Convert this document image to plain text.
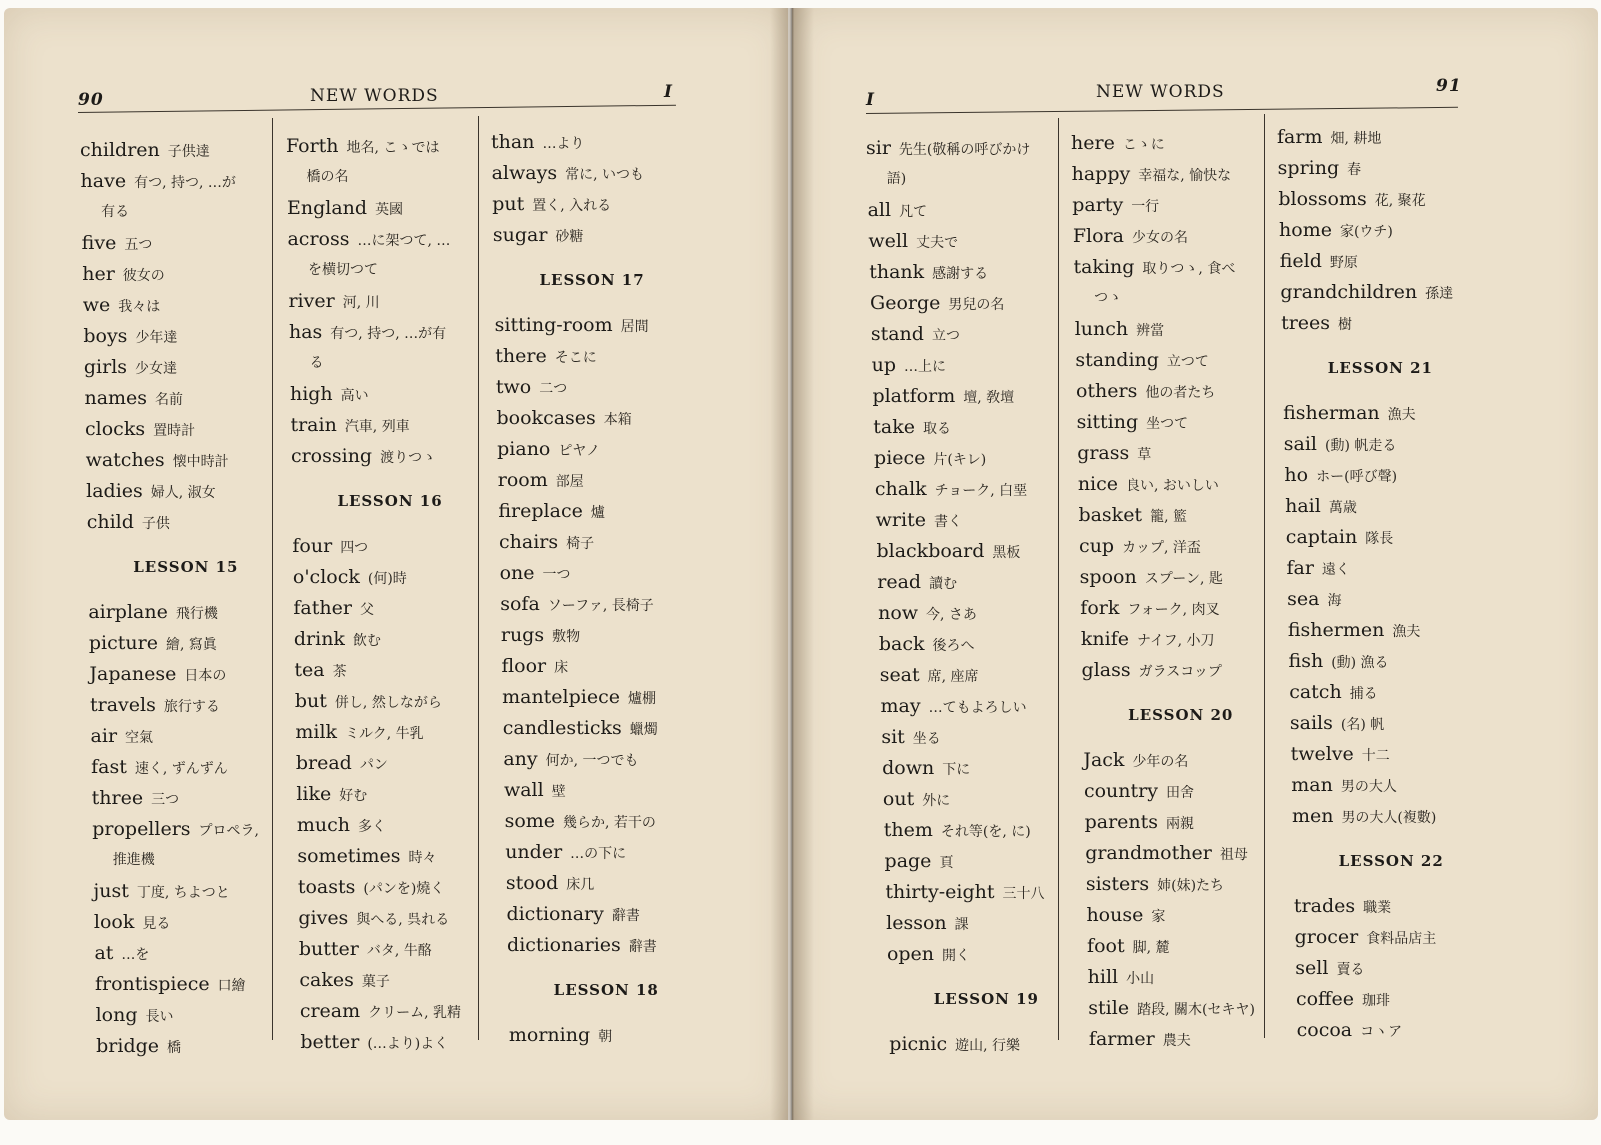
90	NEW WORDS	I	I	NEW WORDS	91
children 子供達
have 有つ, 持つ, …が
有る
five 五つ
her 彼女の
we 我々は
boys 少年達
girls 少女達
names 名前
clocks 置時計
watches 懐中時計
ladies 婦人, 淑女
child 子供
LESSON 15
airplane 飛行機
picture 繪, 寫眞
Japanese 日本の
travels 旅行する
air 空氣
fast 速く, ずんずん
three 三つ
propellers プロペラ,
推進機
just 丁度, ちよつと
look 見る
at …を
frontispiece 口繪
long 長い
bridge 橋
Forth 地名, こゝでは
橋の名
England 英國
across …に架つて, …
を横切つて
river 河, 川
has 有つ, 持つ, …が有
る
high 高い
train 汽車, 列車
crossing 渡りつゝ
LESSON 16
four 四つ
o'clock (何)時
father 父
drink 飲む
tea 茶
but 併し, 然しながら
milk ミルク, 牛乳
bread パン
like 好む
much 多く
sometimes 時々
toasts (パンを)燒く
gives 與へる, 呉れる
butter バタ, 牛酪
cakes 菓子
cream クリーム, 乳精
better (…より)よく
than …より
always 常に, いつも
put 置く, 入れる
sugar 砂糖
LESSON 17
sitting-room 居間
there そこに
two 二つ
bookcases 本箱
piano ピヤノ
room 部屋
fireplace 爐
chairs 椅子
one 一つ
sofa ソーファ, 長椅子
rugs 敷物
floor 床
mantelpiece 爐棚
candlesticks 蠟燭
any 何か, 一つでも
wall 壁
some 幾らか, 若干の
under …の下に
stood 床几
dictionary 辭書
dictionaries 辭書
LESSON 18
morning 朝
sir 先生(敬稱の呼びかけ
語)
all 凡て
well 丈夫で
thank 感謝する
George 男兒の名
stand 立つ
up …上に
platform 壇, 敎壇
take 取る
piece 片(キレ)
chalk チョーク, 白堊
write 書く
blackboard 黑板
read 讀む
now 今, さあ
back 後ろへ
seat 席, 座席
may …てもよろしい
sit 坐る
down 下に
out 外に
them それ等(を, に)
page 頁
thirty-eight 三十八
lesson 課
open 開く
LESSON 19
picnic 遊山, 行樂
here こゝに
happy 幸福な, 愉快な
party 一行
Flora 少女の名
taking 取りつゝ, 食べ
つゝ
lunch 辨當
standing 立つて
others 他の者たち
sitting 坐つて
grass 草
nice 良い, おいしい
basket 籠, 籃
cup カップ, 洋盃
spoon スプーン, 匙
fork フォーク, 肉叉
knife ナイフ, 小刀
glass ガラスコップ
LESSON 20
Jack 少年の名
country 田舍
parents 兩親
grandmother 祖母
sisters 姉(妹)たち
house 家
foot 脚, 麓
hill 小山
stile 踏段, 關木(セキヤ)
farmer 農夫
farm 畑, 耕地
spring 春
blossoms 花, 聚花
home 家(ウチ)
field 野原
grandchildren 孫達
trees 樹
LESSON 21
fisherman 漁夫
sail (動) 帆走る
ho ホー(呼び聲)
hail 萬歳
captain 隊長
far 遠く
sea 海
fishermen 漁夫
fish (動) 漁る
catch 捕る
sails (名) 帆
twelve 十二
man 男の大人
men 男の大人(複數)
LESSON 22
trades 職業
grocer 食料品店主
sell 賣る
coffee 珈琲
cocoa コヽア
